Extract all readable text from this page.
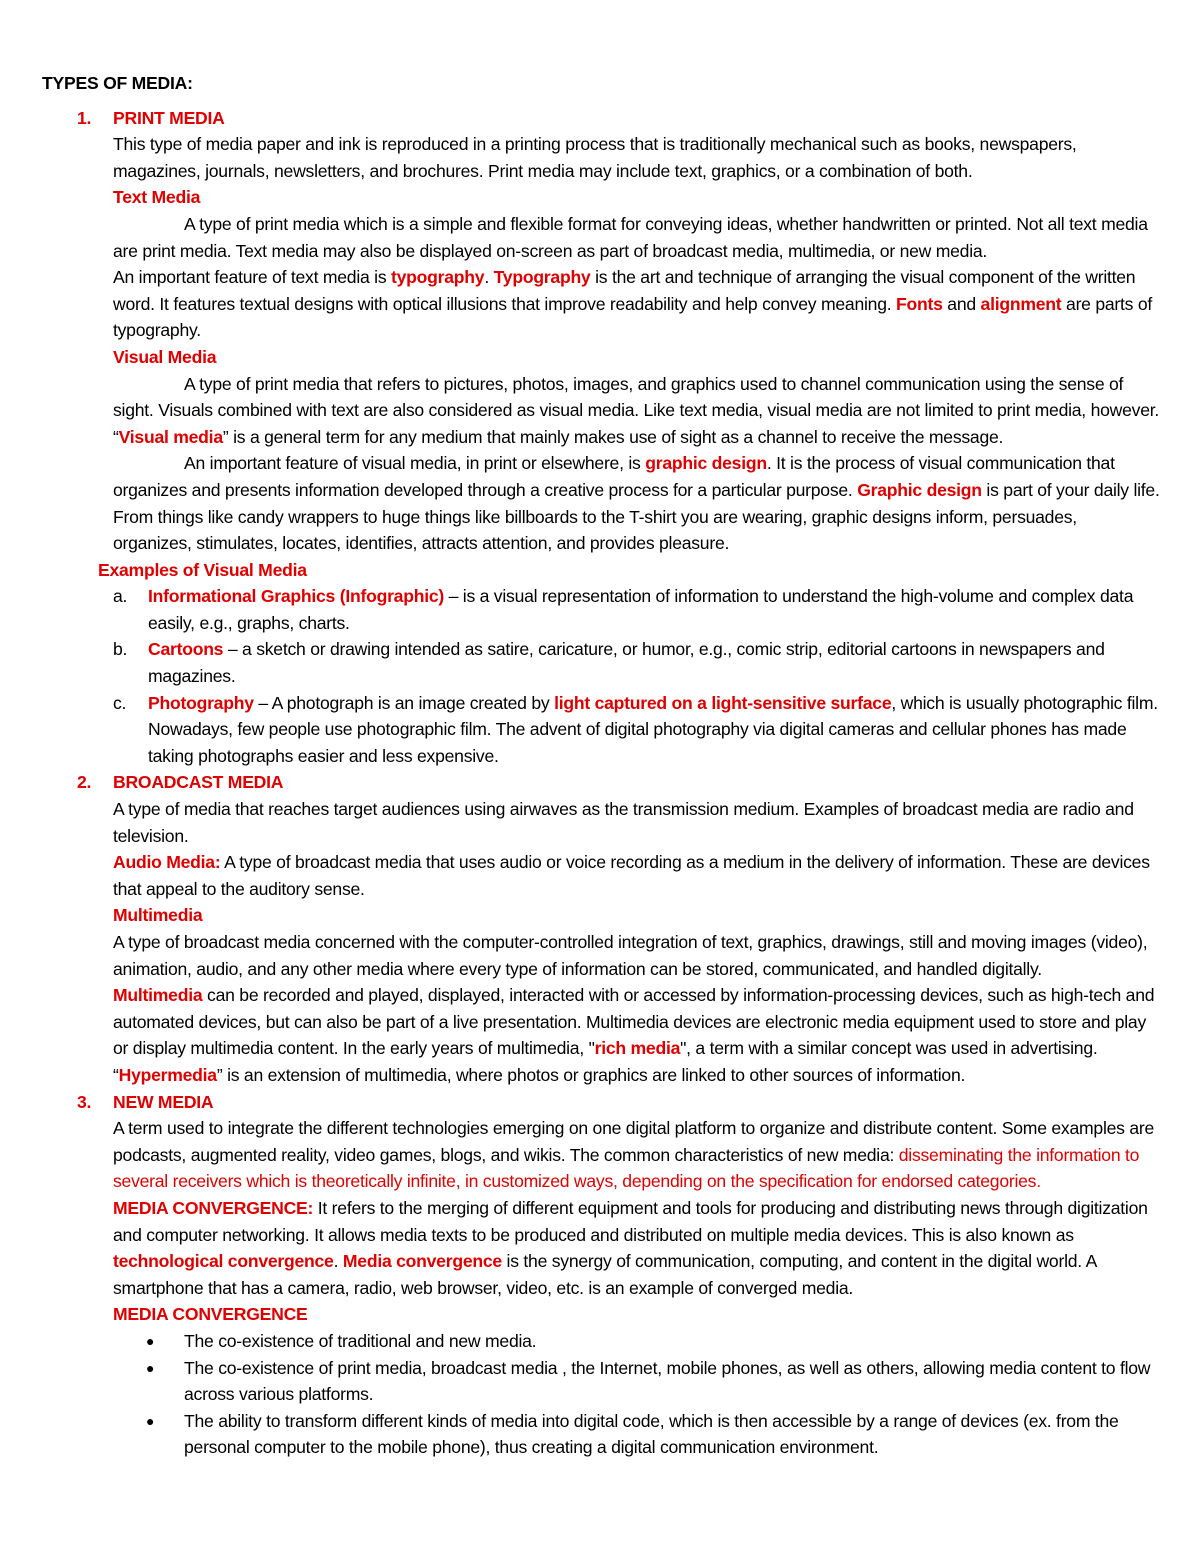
TYPES OF MEDIA:

1. PRINT MEDIA

This type of media paper and ink is reproduced in a printing process that is traditionally mechanical such as books, newspapers, magazines, journals, newsletters, and brochures. Print media may include text, graphics, or a combination of both.

Text Media

A type of print media which is a simple and flexible format for conveying ideas, whether handwritten or printed. Not all text media are print media. Text media may also be displayed on-screen as part of broadcast media, multimedia, or new media.

An important feature of text media is typography. Typography is the art and technique of arranging the visual component of the written word. It features textual designs with optical illusions that improve readability and help convey meaning. Fonts and alignment are parts of typography.

Visual Media

A type of print media that refers to pictures, photos, images, and graphics used to channel communication using the sense of sight. Visuals combined with text are also considered as visual media. Like text media, visual media are not limited to print media, however. “Visual media” is a general term for any medium that mainly makes use of sight as a channel to receive the message.

An important feature of visual media, in print or elsewhere, is graphic design. It is the process of visual communication that organizes and presents information developed through a creative process for a particular purpose. Graphic design is part of your daily life. From things like candy wrappers to huge things like billboards to the T-shirt you are wearing, graphic designs inform, persuades, organizes, stimulates, locates, identifies, attracts attention, and provides pleasure.

Examples of Visual Media

a. Informational Graphics (Infographic) – is a visual representation of information to understand the high-volume and complex data easily, e.g., graphs, charts.

b. Cartoons – a sketch or drawing intended as satire, caricature, or humor, e.g., comic strip, editorial cartoons in newspapers and magazines.

c. Photography – A photograph is an image created by light captured on a light-sensitive surface, which is usually photographic film. Nowadays, few people use photographic film. The advent of digital photography via digital cameras and cellular phones has made taking photographs easier and less expensive.

2. BROADCAST MEDIA

A type of media that reaches target audiences using airwaves as the transmission medium. Examples of broadcast media are radio and television.

Audio Media: A type of broadcast media that uses audio or voice recording as a medium in the delivery of information. These are devices that appeal to the auditory sense.

Multimedia

A type of broadcast media concerned with the computer-controlled integration of text, graphics, drawings, still and moving images (video), animation, audio, and any other media where every type of information can be stored, communicated, and handled digitally.

Multimedia can be recorded and played, displayed, interacted with or accessed by information-processing devices, such as high-tech and automated devices, but can also be part of a live presentation. Multimedia devices are electronic media equipment used to store and play or display multimedia content. In the early years of multimedia, "rich media", a term with a similar concept was used in advertising. “Hypermedia” is an extension of multimedia, where photos or graphics are linked to other sources of information.

3. NEW MEDIA

A term used to integrate the different technologies emerging on one digital platform to organize and distribute content. Some examples are podcasts, augmented reality, video games, blogs, and wikis. The common characteristics of new media: disseminating the information to several receivers which is theoretically infinite, in customized ways, depending on the specification for endorsed categories.

MEDIA CONVERGENCE: It refers to the merging of different equipment and tools for producing and distributing news through digitization and computer networking. It allows media texts to be produced and distributed on multiple media devices. This is also known as technological convergence. Media convergence is the synergy of communication, computing, and content in the digital world. A smartphone that has a camera, radio, web browser, video, etc. is an example of converged media.

MEDIA CONVERGENCE

● The co-existence of traditional and new media.

● The co-existence of print media, broadcast media , the Internet, mobile phones, as well as others, allowing media content to flow across various platforms.

● The ability to transform different kinds of media into digital code, which is then accessible by a range of devices (ex. from the personal computer to the mobile phone), thus creating a digital communication environment.
